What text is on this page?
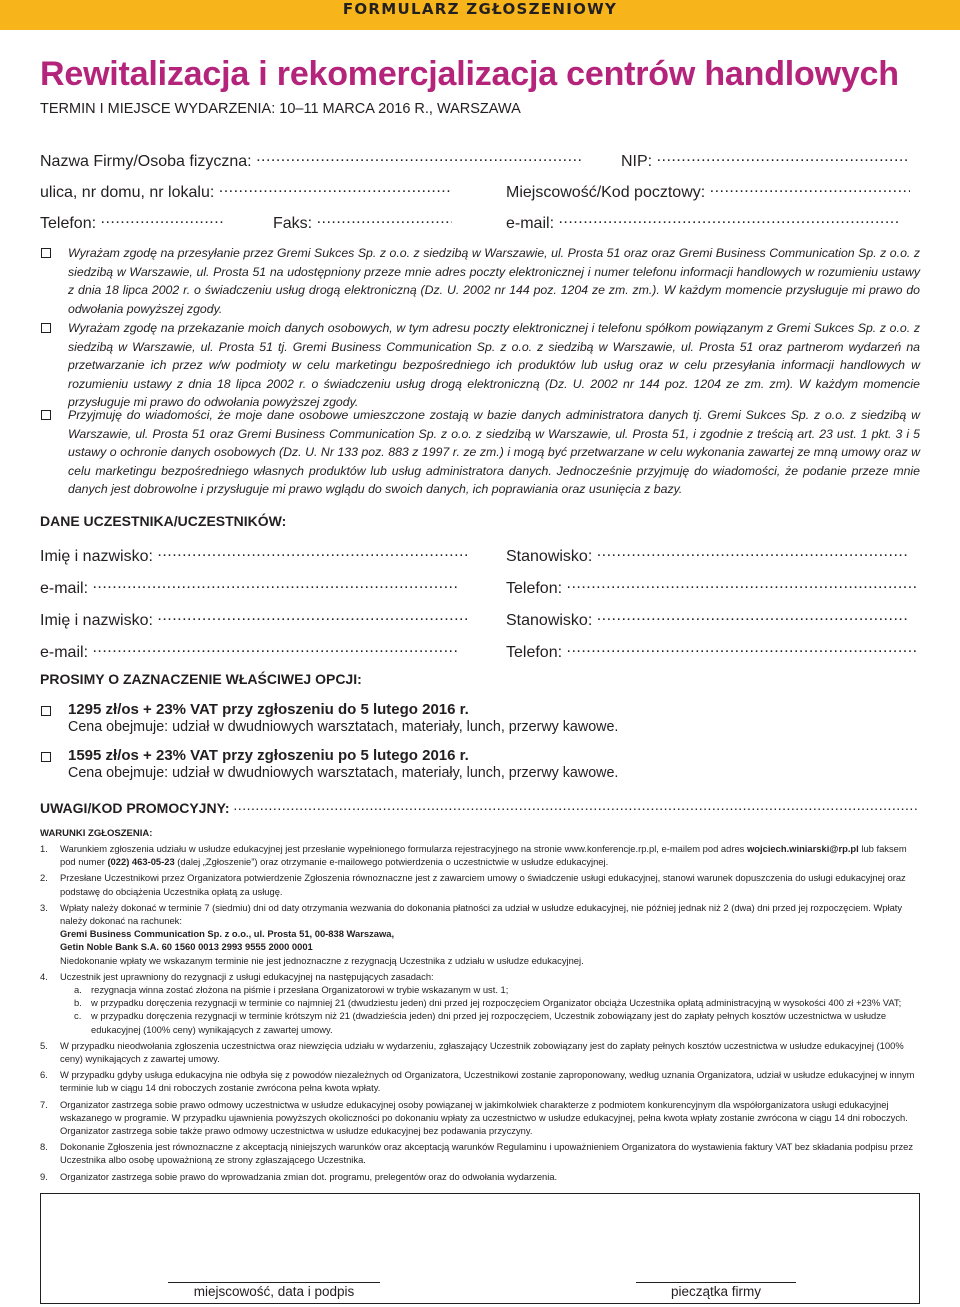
FORMULARZ ZGŁOSZENIOWY
Rewitalizacja i rekomercjalizacja centrów handlowych
TERMIN I MIEJSCE WYDARZENIA: 10–11 MARCA 2016 R., WARSZAWA
Nazwa Firmy/Osoba fizyczna: .....	NIP: .....
ulica, nr domu, nr lokalu: .....	Miejscowość/Kod pocztowy: .....
Telefon: .....	Faks: .....	e-mail: .....
Wyrażam zgodę na przesyłanie przez Gremi Sukces Sp. z o.o. z siedzibą w Warszawie, ul. Prosta 51 oraz oraz Gremi Business Communication Sp. z o.o. z siedzibą w Warszawie, ul. Prosta 51 na udostępniony przeze mnie adres poczty elektronicznej i numer telefonu informacji handlowych w rozumieniu ustawy z dnia 18 lipca 2002 r. o świadczeniu usług drogą elektroniczną (Dz. U. 2002 nr 144 poz. 1204 ze zm. zm.). W każdym momencie przysługuje mi prawo do odwołania powyższej zgody.
Wyrażam zgodę na przekazanie moich danych osobowych, w tym adresu poczty elektronicznej i telefonu spółkom powiązanym z Gremi Sukces Sp. z o.o. z siedzibą w Warszawie, ul. Prosta 51 tj. Gremi Business Communication Sp. z o.o. z siedzibą w Warszawie, ul. Prosta 51 oraz partnerom wydarzeń na przetwarzanie ich przez w/w podmioty w celu marketingu bezpośredniego ich produktów lub usług oraz w celu przesyłania informacji handlowych w rozumieniu ustawy z dnia 18 lipca 2002 r. o świadczeniu usług drogą elektroniczną (Dz. U. 2002 nr 144 poz. 1204 ze zm. zm). W każdym momencie przysługuje mi prawo do odwołania powyższej zgody.
Przyjmuję do wiadomości, że moje dane osobowe umieszczone zostają w bazie danych administratora danych tj. Gremi Sukces Sp. z o.o. z siedzibą w Warszawie, ul. Prosta 51 oraz Gremi Business Communication Sp. z o.o. z siedzibą w Warszawie, ul. Prosta 51, i zgodnie z treścią art. 23 ust. 1 pkt. 3 i 5 ustawy o ochronie danych osobowych (Dz. U. Nr 133 poz. 883 z 1997 r. ze zm.) i mogą być przetwarzane w celu wykonania zawartej ze mną umowy oraz w celu marketingu bezpośredniego własnych produktów lub usług administratora danych. Jednocześnie przyjmuję do wiadomości, że podanie przeze mnie danych jest dobrowolne i przysługuje mi prawo wglądu do swoich danych, ich poprawiania oraz usunięcia z bazy.
DANE UCZESTNIKA/UCZESTNIKÓW:
Imię i nazwisko: .....	Stanowisko: .....
e-mail: .....	Telefon: .....
Imię i nazwisko: .....	Stanowisko: .....
e-mail: .....	Telefon: .....
PROSIMY O ZAZNACZENIE WŁAŚCIWEJ OPCJI:
1295 zł/os + 23% VAT przy zgłoszeniu do 5 lutego 2016 r.
Cena obejmuje: udział w dwudniowych warsztatach, materiały, lunch, przerwy kawowe.
1595 zł/os + 23% VAT przy zgłoszeniu po 5 lutego 2016 r.
Cena obejmuje: udział w dwudniowych warsztatach, materiały, lunch, przerwy kawowe.
UWAGI/KOD PROMOCYJNY: .....
WARUNKI ZGŁOSZENIA:
1. Warunkiem zgłoszenia udziału w usłudze edukacyjnej jest przesłanie wypełnionego formularza rejestracyjnego na stronie www.konferencje.rp.pl, e-mailem pod adres wojciech.winiarski@rp.pl lub faksem pod numer (022) 463-05-23 (dalej „Zgłoszenie”) oraz otrzymanie e-mailowego potwierdzenia o uczestnictwie w usłudze edukacyjnej.
2. Przesłane Uczestnikowi przez Organizatora potwierdzenie Zgłoszenia równoznaczne jest z zawarciem umowy o świadczenie usługi edukacyjnej, stanowi warunek dopuszczenia do usługi edukacyjnej oraz podstawę do obciążenia Uczestnika opłatą za usługę.
3. Wpłaty należy dokonać w terminie 7 (siedmiu) dni od daty otrzymania wezwania do dokonania płatności za udział w usłudze edukacyjnej, nie później jednak niż 2 (dwa) dni przed jej rozpoczęciem. Wpłaty należy dokonać na rachunek:
Gremi Business Communication Sp. z o.o., ul. Prosta 51, 00-838 Warszawa,
Getin Noble Bank S.A. 60 1560 0013 2993 9555 2000 0001
Niedokonanie wpłaty we wskazanym terminie nie jest jednoznaczne z rezygnacją Uczestnika z udziału w usłudze edukacyjnej.
4. Uczestnik jest uprawniony do rezygnacji z usługi edukacyjnej na następujących zasadach:
a. rezygnacja winna zostać złożona na piśmie i przesłana Organizatorowi w trybie wskazanym w ust. 1;
b. w przypadku doręczenia rezygnacji w terminie co najmniej 21 (dwudziestu jeden) dni przed jej rozpoczęciem Organizator obciąża Uczestnika opłatą administracyjną w wysokości 400 zł +23% VAT;
c. w przypadku doręczenia rezygnacji w terminie krótszym niż 21 (dwadzieścia jeden) dni przed jej rozpoczęciem, Uczestnik zobowiązany jest do zapłaty pełnych kosztów uczestnictwa w usłudze edukacyjnej (100% ceny) wynikających z zawartej umowy.
5. W przypadku nieodwołania zgłoszenia uczestnictwa oraz niewzięcia udziału w wydarzeniu, zgłaszający Uczestnik zobowiązany jest do zapłaty pełnych kosztów uczestnictwa w usłudze edukacyjnej (100% ceny) wynikających z zawartej umowy.
6. W przypadku gdyby usługa edukacyjna nie odbyła się z powodów niezależnych od Organizatora, Uczestnikowi zostanie zaproponowany, według uznania Organizatora, udział w usłudze edukacyjnej w innym terminie lub w ciągu 14 dni roboczych zostanie zwrócona pełna kwota wpłaty.
7. Organizator zastrzega sobie prawo odmowy uczestnictwa w usłudze edukacyjnej osoby powiązanej w jakimkolwiek charakterze z podmiotem konkurencyjnym dla współorganizatora usługi edukacyjnej wskazanego w programie. W przypadku ujawnienia powyższych okoliczności po dokonaniu wpłaty za uczestnictwo w usłudze edukacyjnej, pełna kwota wpłaty zostanie zwrócona w ciągu 14 dni roboczych. Organizator zastrzega sobie także prawo odmowy uczestnictwa w usłudze edukacyjnej bez podawania przyczyny.
8. Dokonanie Zgłoszenia jest równoznaczne z akceptacją niniejszych warunków oraz akceptacją warunków Regulaminu i upoważnieniem Organizatora do wystawienia faktury VAT bez składania podpisu przez Uczestnika albo osobę upoważnioną ze strony zgłaszającego Uczestnika.
9. Organizator zastrzega sobie prawo do wprowadzania zmian dot. programu, prelegentów oraz do odwołania wydarzenia.
miejscowość, data i podpis	pieczątka firmy
